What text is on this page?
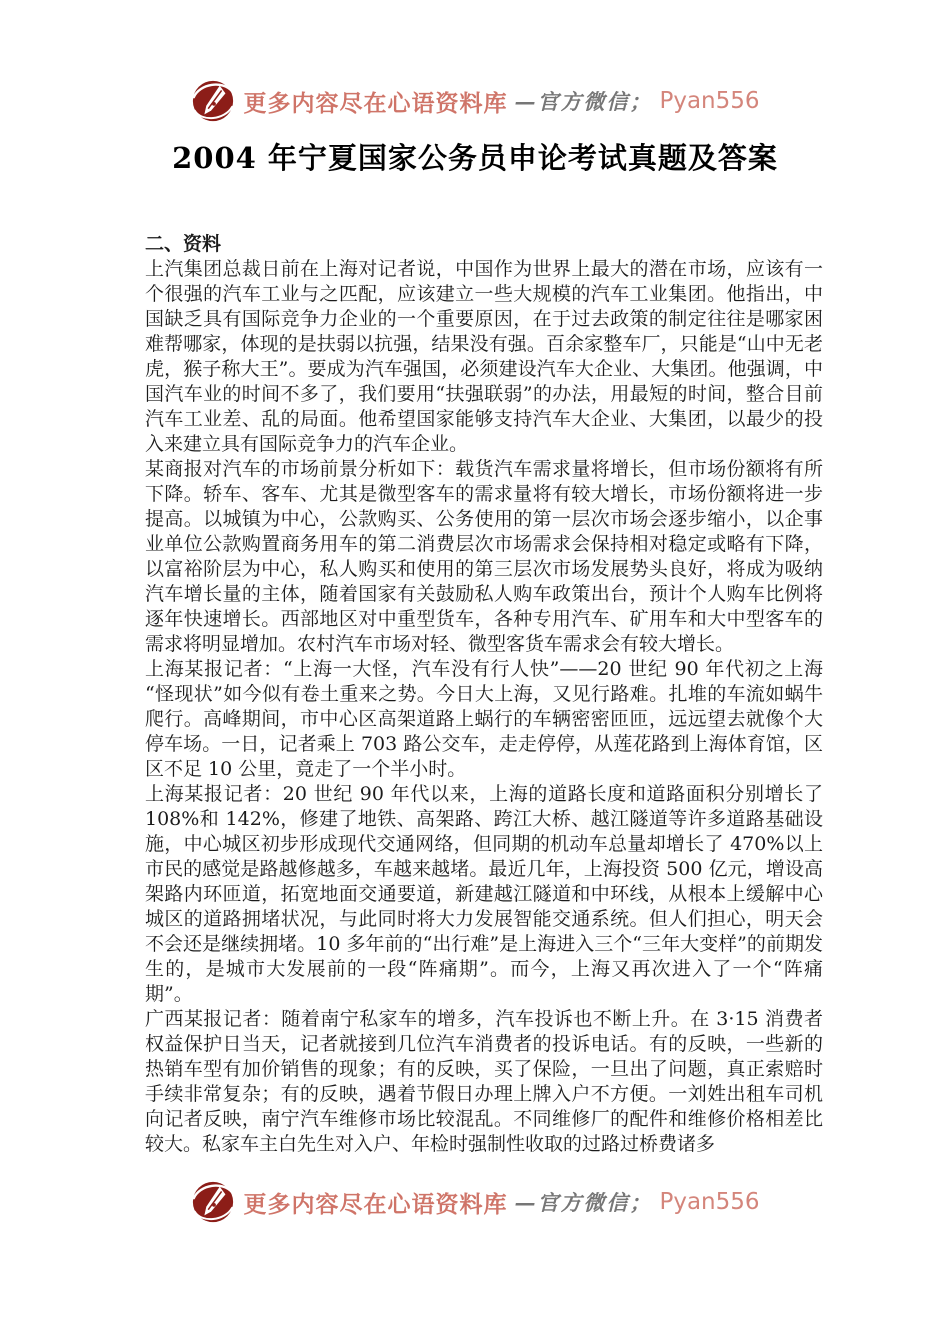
更多内容尽在心语资料库 —官方微信； Pyan556
2004 年宁夏国家公务员申论考试真题及答案
二、资料

上汽集团总裁日前在上海对记者说，中国作为世界上最大的潜在市场，应该有一个很强的汽车工业与之匹配，应该建立一些大规模的汽车工业集团。他指出，中国缺乏具有国际竞争力企业的一个重要原因，在于过去政策的制定往往是哪家困难帮哪家，体现的是扶弱以抗强，结果没有强。百余家整车厂，只能是“山中无老虎，猴子称大王”。要成为汽车强国，必须建设汽车大企业、大集团。他强调，中国汽车业的时间不多了，我们要用“扶强联弱”的办法，用最短的时间，整合目前汽车工业差、乱的局面。他希望国家能够支持汽车大企业、大集团，以最少的投入来建立具有国际竞争力的汽车企业。

某商报对汽车的市场前景分析如下：载货汽车需求量将增长，但市场份额将有所下降。轿车、客车、尤其是微型客车的需求量将有较大增长，市场份额将进一步提高。以城镇为中心，公款购买、公务使用的第一层次市场会逐步缩小，以企事业单位公款购置商务用车的第二消费层次市场需求会保持相对稳定或略有下降，以富裕阶层为中心，私人购买和使用的第三层次市场发展势头良好，将成为吸纳汽车增长量的主体，随着国家有关鼓励私人购车政策出台，预计个人购车比例将逐年快速增长。西部地区对中重型货车，各种专用汽车、矿用车和大中型客车的需求将明显增加。农村汽车市场对轻、微型客货车需求会有较大增长。

上海某报记者：“上海一大怪，汽车没有行人快”——20 世纪 90 年代初之上海“怪现状”如今似有卷土重来之势。今日大上海，又见行路难。扎堆的车流如蜗牛爬行。高峰期间，市中心区高架道路上蜗行的车辆密密匝匝，远远望去就像个大停车场。一日，记者乘上 703 路公交车，走走停停，从莲花路到上海体育馆，区区不足 10 公里，竟走了一个半小时。

上海某报记者：20 世纪 90 年代以来，上海的道路长度和道路面积分别增长了 108%和 142%，修建了地铁、高架路、跨江大桥、越江隧道等许多道路基础设施，中心城区初步形成现代交通网络，但同期的机动车总量却增长了 470%以上市民的感觉是路越修越多，车越来越堵。最近几年，上海投资 500 亿元，增设高架路内环匝道，拓宽地面交通要道，新建越江隧道和中环线，从根本上缓解中心城区的道路拥堵状况，与此同时将大力发展智能交通系统。但人们担心，明天会不会还是继续拥堵。10 多年前的“出行难”是上海进入三个“三年大变样”的前期发生的，是城市大发展前的一段“阵痛期”。而今，上海又再次进入了一个“阵痛期”。

广西某报记者：随着南宁私家车的增多，汽车投诉也不断上升。在 3·15 消费者权益保护日当天，记者就接到几位汽车消费者的投诉电话。有的反映，一些新的热销车型有加价销售的现象；有的反映，买了保险，一旦出了问题，真正索赔时手续非常复杂；有的反映，遇着节假日办理上牌入户不方便。一刘姓出租车司机向记者反映，南宁汽车维修市场比较混乱。不同维修厂的配件和维修价格相差比较大。私家车主白先生对入户、年检时强制性收取的过路过桥费诸多

更多内容尽在心语资料库 —官方微信； Pyan556
